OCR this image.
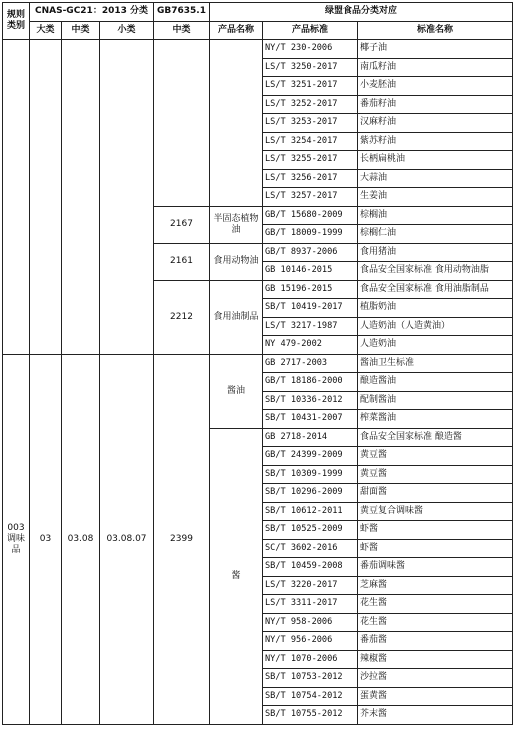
规则类别	CNAS-GC21：2013 分类			GB7635.1	绿盟食品分类对应		
	大类	中类	小类	中类	产品名称	产品标准	标准名称
						NY/T 230-2006	椰子油
						LS/T 3250-2017	南瓜籽油
						LS/T 3251-2017	小麦胚油
						LS/T 3252-2017	番茄籽油
						LS/T 3253-2017	汉麻籽油
						LS/T 3254-2017	紫苏籽油
						LS/T 3255-2017	长柄扁桃油
						LS/T 3256-2017	大蒜油
						LS/T 3257-2017	生姜油
				2167	半固态植物油	GB/T 15680-2009	棕榈油
						GB/T 18009-1999	棕榈仁油
				2161	食用动物油	GB/T 8937-2006	食用猪油
						GB 10146-2015	食品安全国家标准 食用动物油脂
				2212	食用油制品	GB 15196-2015	食品安全国家标准 食用油脂制品
						SB/T 10419-2017	植脂奶油
						LS/T 3217-1987	人造奶油（人造黄油）
						NY 479-2002	人造奶油
003调味品	03	03.08	03.08.07	2399	酱油	GB 2717-2003	酱油卫生标准
						GB/T 18186-2000	酿造酱油
						SB/T 10336-2012	配制酱油
						SB/T 10431-2007	榨菜酱油
					酱	GB 2718-2014	食品安全国家标准 酿造酱
						GB/T 24399-2009	黄豆酱
						SB/T 10309-1999	黄豆酱
						SB/T 10296-2009	甜面酱
						SB/T 10612-2011	黄豆复合调味酱
						SB/T 10525-2009	虾酱
						SC/T 3602-2016	虾酱
						SB/T 10459-2008	番茄调味酱
						LS/T 3220-2017	芝麻酱
						LS/T 3311-2017	花生酱
						NY/T 958-2006	花生酱
						NY/T 956-2006	番茄酱
						NY/T 1070-2006	辣椒酱
						SB/T 10753-2012	沙拉酱
						SB/T 10754-2012	蛋黄酱
						SB/T 10755-2012	芥末酱
